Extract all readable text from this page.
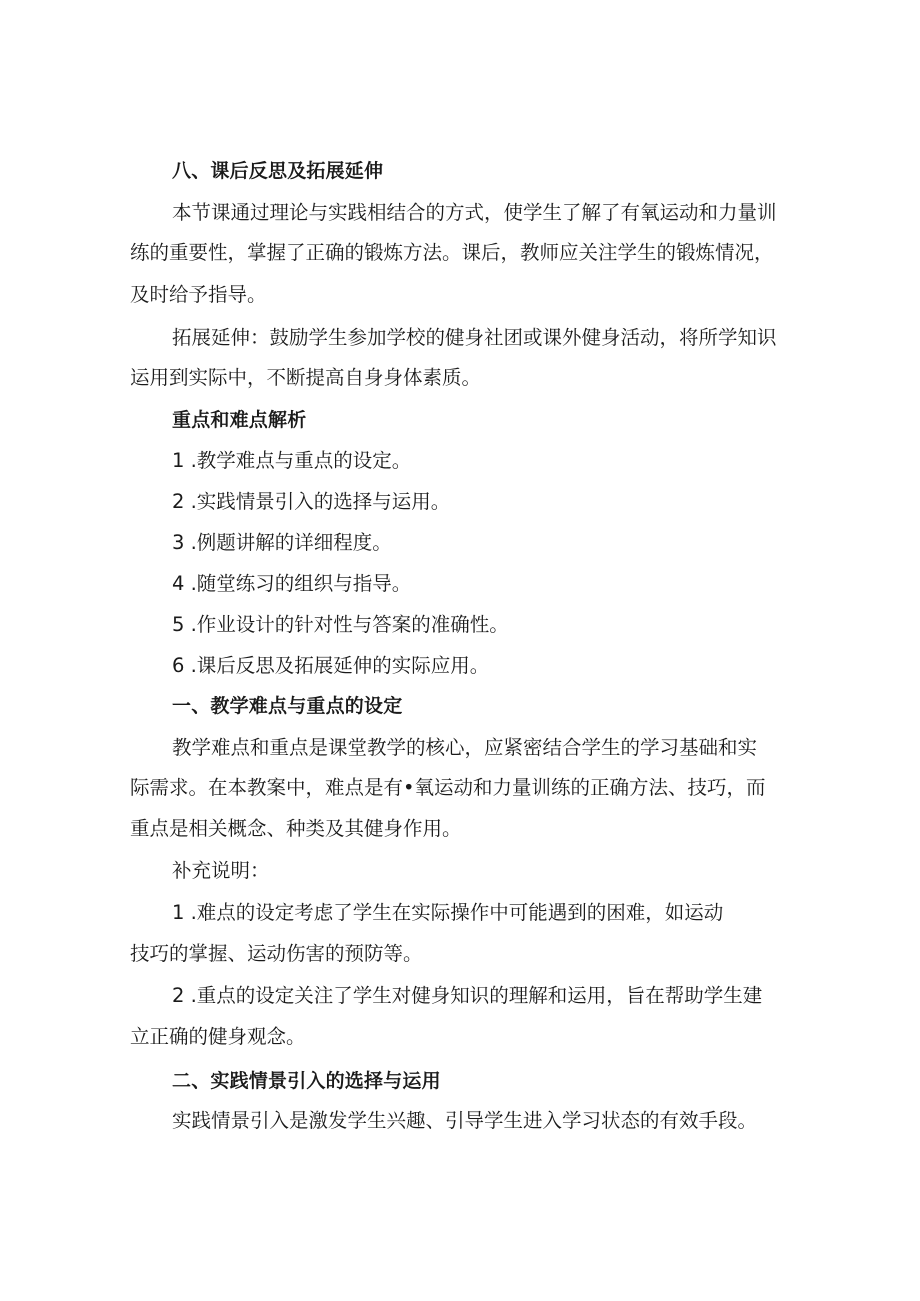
八、课后反思及拓展延伸
本节课通过理论与实践相结合的方式，使学生了解了有氧运动和力量训
练的重要性，掌握了正确的锻炼方法。课后，教师应关注学生的锻炼情况，
及时给予指导。
拓展延伸：鼓励学生参加学校的健身社团或课外健身活动，将所学知识
运用到实际中，不断提高自身身体素质。
重点和难点解析
1 .教学难点与重点的设定。
2 .实践情景引入的选择与运用。
3 .例题讲解的详细程度。
4 .随堂练习的组织与指导。
5 .作业设计的针对性与答案的准确性。
6 .课后反思及拓展延伸的实际应用。
一、教学难点与重点的设定
教学难点和重点是课堂教学的核心，应紧密结合学生的学习基础和实
际需求。在本教案中，难点是有•氧运动和力量训练的正确方法、技巧，而
重点是相关概念、种类及其健身作用。
补充说明：
1 .难点的设定考虑了学生在实际操作中可能遇到的困难，如运动
技巧的掌握、运动伤害的预防等。
2 .重点的设定关注了学生对健身知识的理解和运用，旨在帮助学生建
立正确的健身观念。
二、实践情景引入的选择与运用
实践情景引入是激发学生兴趣、引导学生进入学习状态的有效手段。
